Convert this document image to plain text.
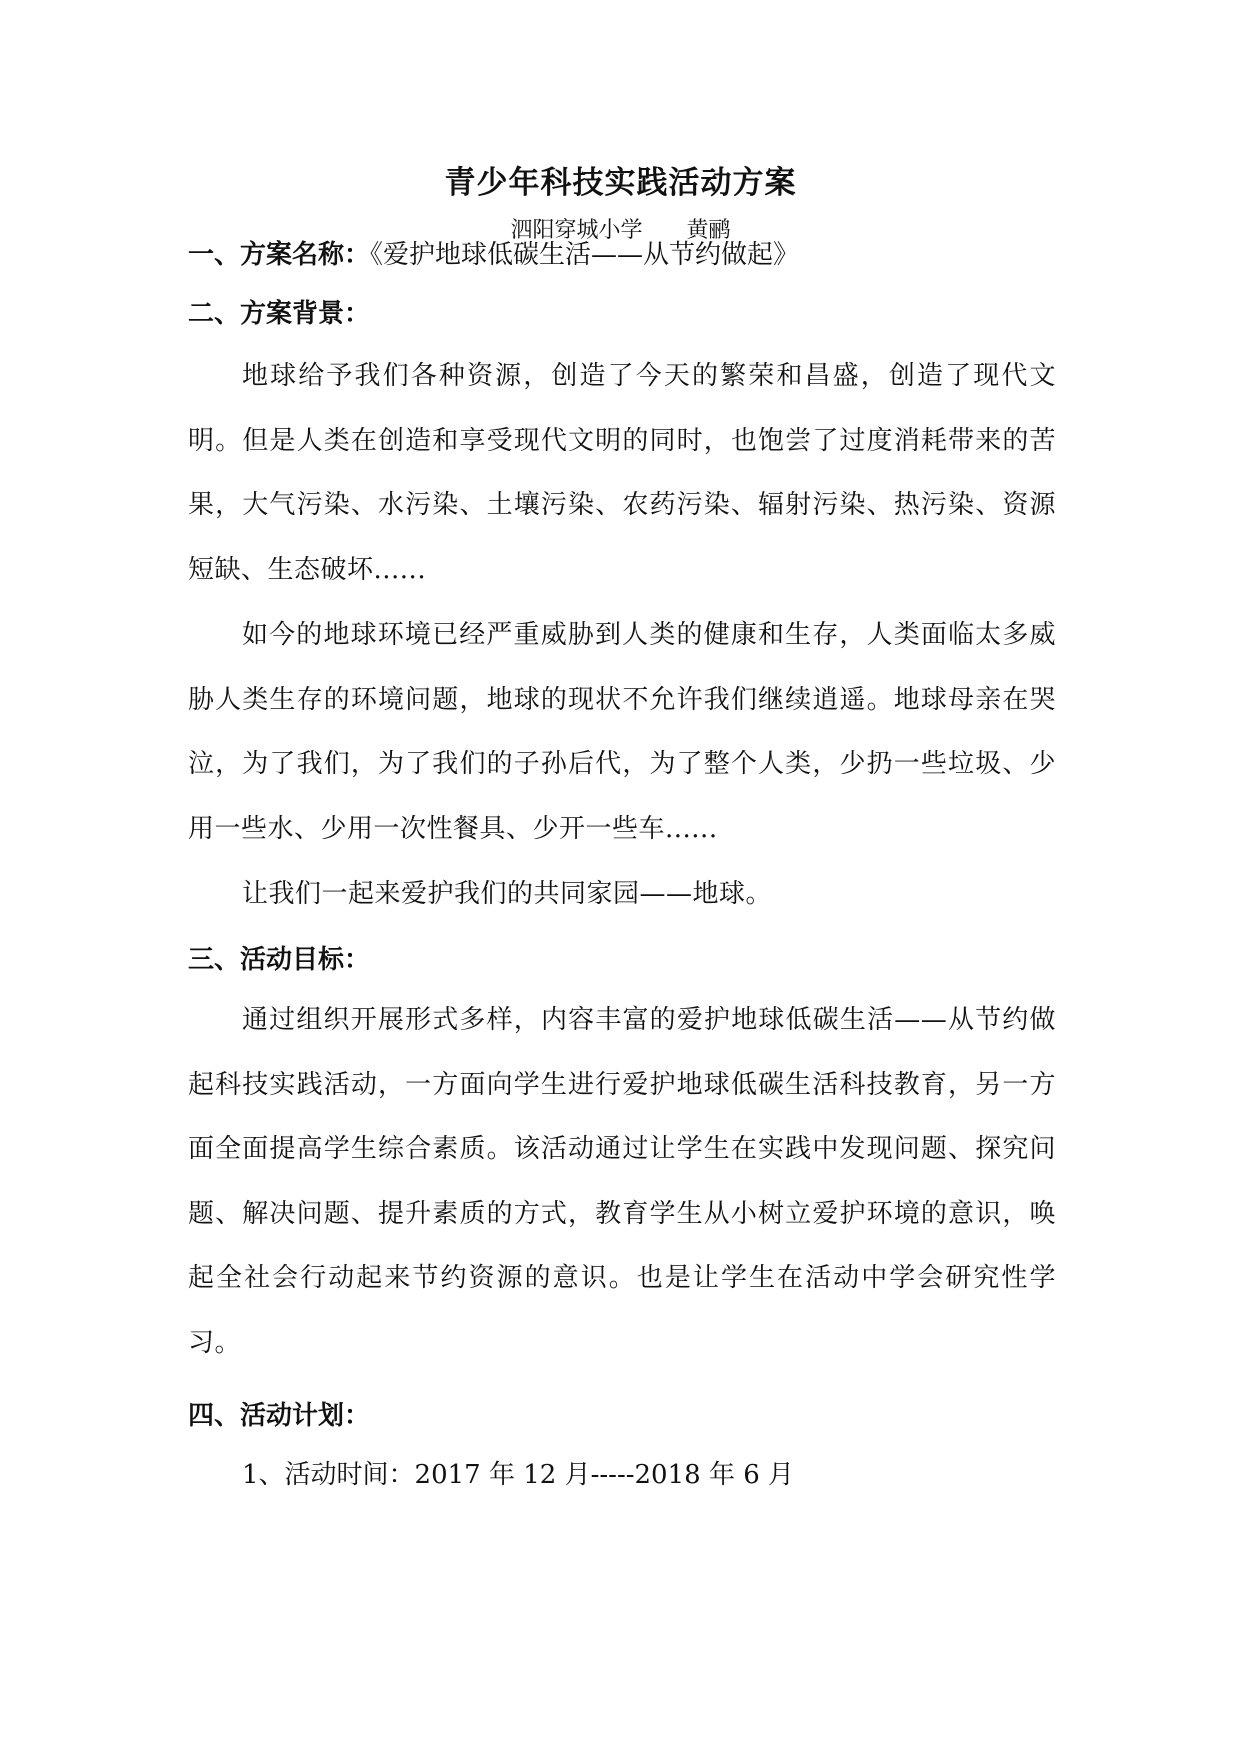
青少年科技实践活动方案
泗阳穿城小学 黄鹂
一、方案名称：《爱护地球低碳生活——从节约做起》
二、方案背景：

地球给予我们各种资源，创造了今天的繁荣和昌盛，创造了现代文明。但是人类在创造和享受现代文明的同时，也饱尝了过度消耗带来的苦果，大气污染、水污染、土壤污染、农药污染、辐射污染、热污染、资源短缺、生态破坏......

如今的地球环境已经严重威胁到人类的健康和生存，人类面临太多威胁人类生存的环境问题，地球的现状不允许我们继续逍遥。地球母亲在哭泣，为了我们，为了我们的子孙后代，为了整个人类，少扔一些垃圾、少用一些水、少用一次性餐具、少开一些车......

让我们一起来爱护我们的共同家园——地球。

三、活动目标：

通过组织开展形式多样，内容丰富的爱护地球低碳生活——从节约做起科技实践活动，一方面向学生进行爱护地球低碳生活科技教育，另一方面全面提高学生综合素质。该活动通过让学生在实践中发现问题、探究问题、解决问题、提升素质的方式，教育学生从小树立爱护环境的意识，唤起全社会行动起来节约资源的意识。也是让学生在活动中学会研究性学习。

四、活动计划：
1、活动时间：2017 年 12 月-----2018 年 6 月
